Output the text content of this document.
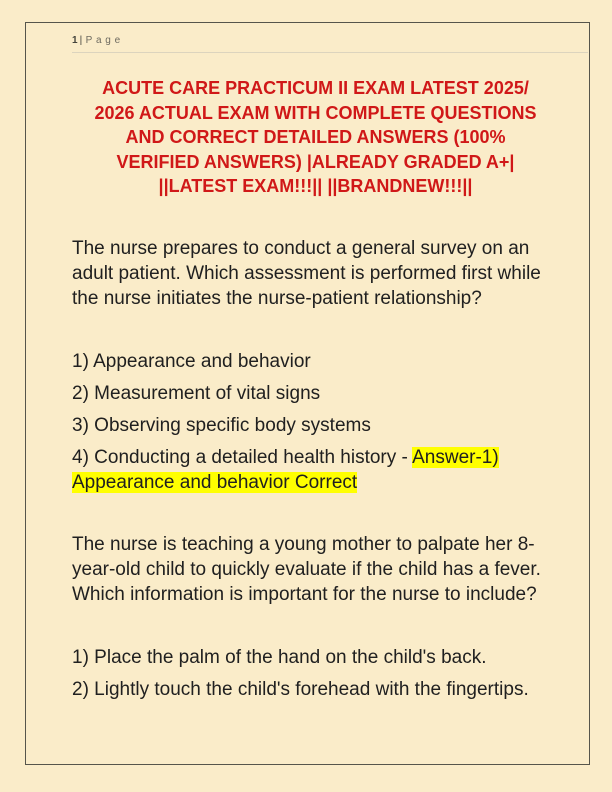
1 | P a g e
ACUTE CARE PRACTICUM II EXAM LATEST 2025/
2026 ACTUAL EXAM WITH COMPLETE QUESTIONS
AND CORRECT DETAILED ANSWERS (100%
VERIFIED ANSWERS) |ALREADY GRADED A+|
||LATEST EXAM!!!|| ||BRANDNEW!!!||

The nurse prepares to conduct a general survey on an adult patient. Which assessment is performed first while the nurse initiates the nurse-patient relationship?

1) Appearance and behavior

2) Measurement of vital signs

3) Observing specific body systems

4) Conducting a detailed health history - Answer-1) Appearance and behavior Correct

The nurse is teaching a young mother to palpate her 8-year-old child to quickly evaluate if the child has a fever. Which information is important for the nurse to include?

1) Place the palm of the hand on the child's back.

2) Lightly touch the child's forehead with the fingertips.
